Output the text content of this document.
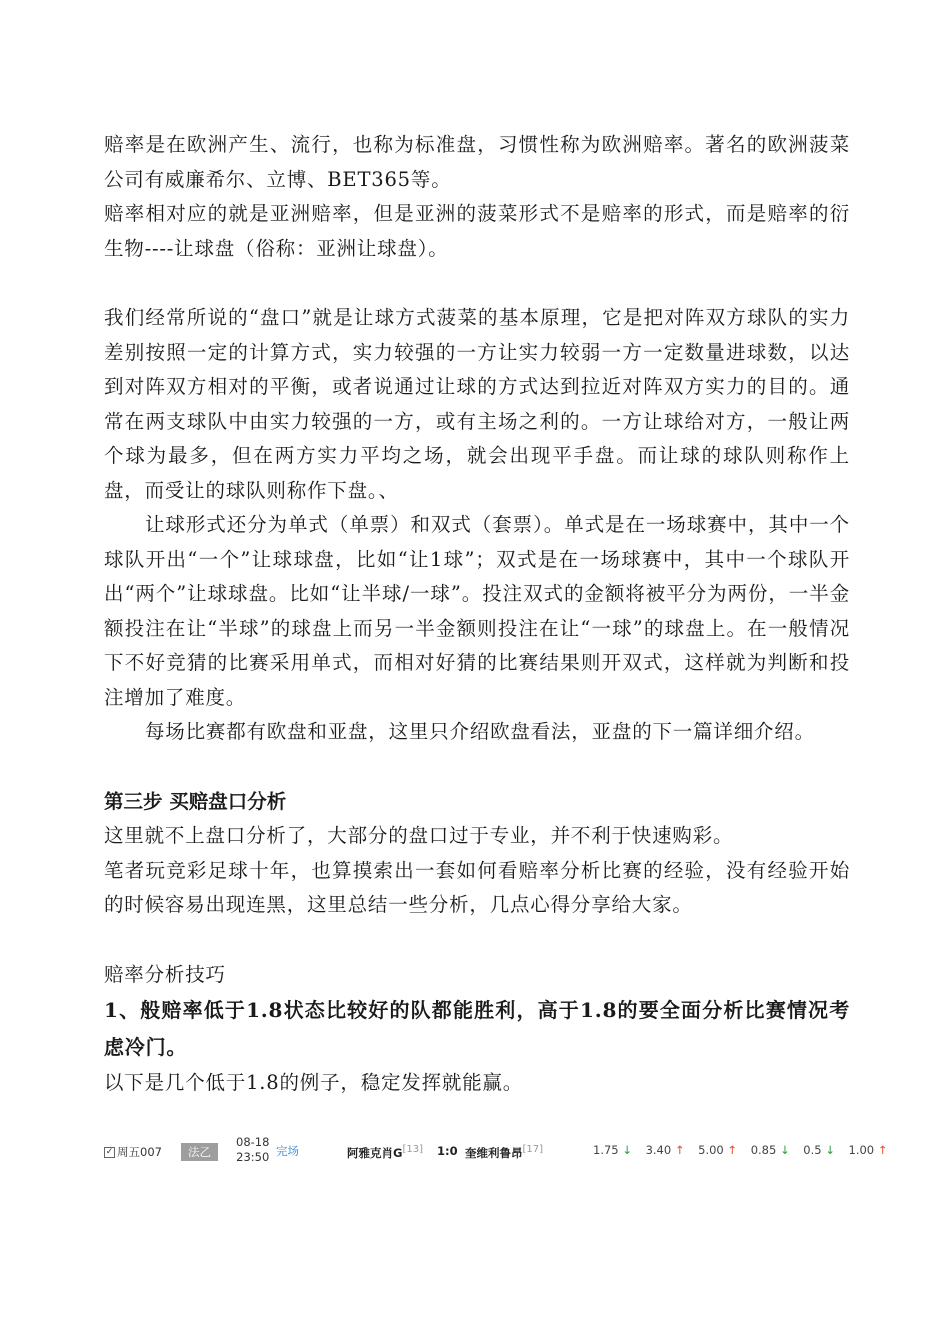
赔率是在欧洲产生、流行，也称为标准盘，习惯性称为欧洲赔率。著名的欧洲菠菜公司有威廉希尔、立博、BET365等。

赔率相对应的就是亚洲赔率，但是亚洲的菠菜形式不是赔率的形式，而是赔率的衍生物----让球盘（俗称：亚洲让球盘）。

我们经常所说的“盘口”就是让球方式菠菜的基本原理，它是把对阵双方球队的实力差别按照一定的计算方式，实力较强的一方让实力较弱一方一定数量进球数，以达到对阵双方相对的平衡，或者说通过让球的方式达到拉近对阵双方实力的目的。通常在两支球队中由实力较强的一方，或有主场之利的。一方让球给对方，一般让两个球为最多，但在两方实力平均之场，就会出现平手盘。而让球的球队则称作上盘，而受让的球队则称作下盘。、

让球形式还分为单式（单票）和双式（套票）。单式是在一场球赛中，其中一个球队开出“一个”让球球盘，比如“让1球”；双式是在一场球赛中，其中一个球队开出“两个”让球球盘。比如“让半球/一球”。投注双式的金额将被平分为两份，一半金额投注在让“半球”的球盘上而另一半金额则投注在让“一球”的球盘上。在一般情况下不好竞猜的比赛采用单式，而相对好猜的比赛结果则开双式，这样就为判断和投注增加了难度。

每场比赛都有欧盘和亚盘，这里只介绍欧盘看法，亚盘的下一篇详细介绍。

第三步 买赔盘口分析

这里就不上盘口分析了，大部分的盘口过于专业，并不利于快速购彩。

笔者玩竞彩足球十年，也算摸索出一套如何看赔率分析比赛的经验，没有经验开始的时候容易出现连黑，这里总结一些分析，几点心得分享给大家。

赔率分析技巧

1、般赔率低于1.8状态比较好的队都能胜利，高于1.8的要全面分析比赛情况考虑冷门。

以下是几个低于1.8的例子，稳定发挥就能赢。

✓ 周五007	法乙
08-18
23:50 完场	阿雅克肖G[13] 1:0 奎维利鲁昂[17]	1.75 ↓ 3.40 ↑ 5.00 ↑ 0.85 ↓ 0.5 ↓ 1.00 ↑
